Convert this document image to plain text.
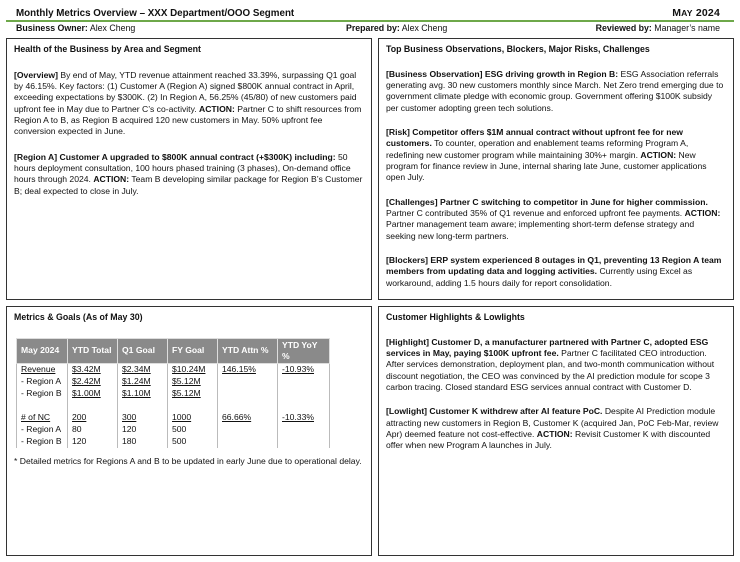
Monthly Metrics Overview – XXX Department/OOO Segment	MAY 2024
Business Owner: Alex Cheng	Prepared by: Alex Cheng	Reviewed by: Manager’s name
Health of the Business by Area and Segment

[Overview] By end of May, YTD revenue attainment reached 33.39%, surpassing Q1 goal by 46.15%. Key factors: (1) Customer A (Region A) signed $800K annual contract in April, exceeding expectations by $300K. (2) In Region A, 56.25% (45/80) of new customers paid upfront fee in May due to Partner C’s co-activity. ACTION: Partner C to shift resources from Region A to B, as Region B acquired 120 new customers in May. 50% upfront fee conversion expected in June.

[Region A] Customer A upgraded to $800K annual contract (+$300K) including: 50 hours deployment consultation, 100 hours phased training (3 phases), On-demand office hours through 2024. ACTION: Team B developing similar package for Region B’s Customer B; deal expected to close in July.

Top Business Observations, Blockers, Major Risks, Challenges

[Business Observation] ESG driving growth in Region B: ESG Association referrals generating avg. 30 new customers monthly since March. Net Zero trend emerging due to government climate pledge with economic group. Government offering $100K subsidy per customer adopting green tech solutions.

[Risk] Competitor offers $1M annual contract without upfront fee for new customers. To counter, operation and enablement teams reforming Program A, redefining new customer program while maintaining 30%+ margin. ACTION: New program for finance review in June, internal sharing late June, customer applications open July.

[Challenges] Partner C switching to competitor in June for higher commission. Partner C contributed 35% of Q1 revenue and enforced upfront fee payments. ACTION: Partner management team aware; implementing short-term defense strategy and seeking new long-term partners.

[Blockers] ERP system experienced 8 outages in Q1, preventing 13 Region A team members from updating data and logging activities. Currently using Excel as workaround, adding 1.5 hours daily for report consolidation.

Metrics & Goals (As of May 30)
May 2024	YTD Total	Q1 Goal	FY Goal	YTD Attn %	YTD YoY %
Revenue	$3.42M	$2.34M	$10.24M	146.15%	-10.93%
- Region A	$2.42M	$1.24M	$5.12M		
- Region B	$1.00M	$1.10M	$5.12M		

# of NC	200	300	1000	66.66%	-10.33%
- Region A	80	120	500		
- Region B	120	180	500		

* Detailed metrics for Regions A and B to be updated in early June due to operational delay.

Customer Highlights & Lowlights

[Highlight] Customer D, a manufacturer partnered with Partner C, adopted ESG services in May, paying $100K upfront fee. Partner C facilitated CEO introduction. After services demonstration, deployment plan, and two-month communication without discount negotiation, the CEO was convinced by the AI prediction module for scope 3 carbon tracing. Closed standard ESG services annual contract with Customer D.

[Lowlight] Customer K withdrew after AI feature PoC. Despite AI Prediction module attracting new customers in Region B, Customer K (acquired Jan, PoC Feb-Mar, review Apr) deemed feature not cost-effective. ACTION: Revisit Customer K with discounted offer when new Program A launches in July.
